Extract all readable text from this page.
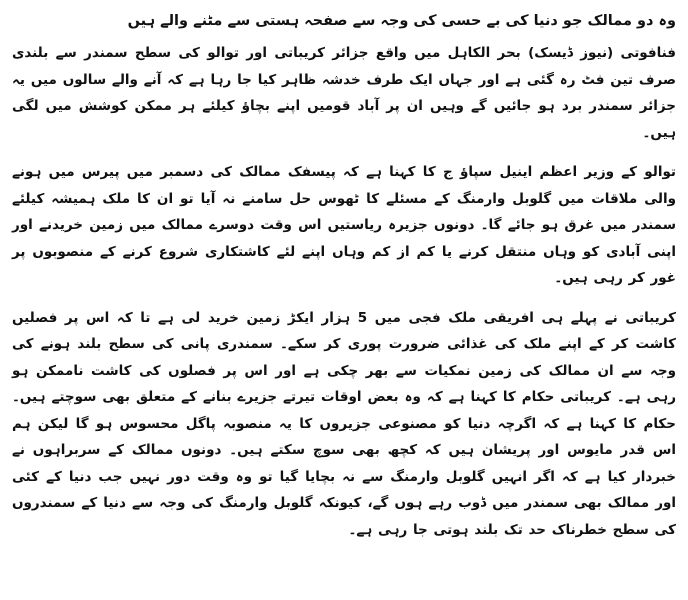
وہ دو ممالک جو دنیا کی بے حسی کی وجہ سے صفحہ ہستی سے مٹنے والے ہیں

فنافوتی (نیوز ڈیسک) بحر الکاہل میں واقع جزائر کریباتی اور توالو کی سطح سمندر سے بلندی صرف تین فٹ رہ گئی ہے اور جہاں ایک طرف خدشہ ظاہر کیا جا رہا ہے کہ آنے والے سالوں میں یہ جزائر سمندر برد ہو جائیں گے وہیں ان پر آباد قومیں اپنے بچاؤ کیلئے ہر ممکن کوشش میں لگی ہیں۔

توالو کے وزیر اعظم اینیل سپاؤ ج کا کہنا ہے کہ پیسفک ممالک کی دسمبر میں پیرس میں ہونے والی ملاقات میں گلوبل وارمنگ کے مسئلے کا ٹھوس حل سامنے نہ آیا تو ان کا ملک ہمیشہ کیلئے سمندر میں غرق ہو جائے گا۔ دونوں جزیرہ ریاستیں اس وقت دوسرے ممالک میں زمین خریدنے اور اپنی آبادی کو وہاں منتقل کرنے یا کم از کم وہاں اپنے لئے کاشتکاری شروع کرنے کے منصوبوں پر غور کر رہی ہیں۔

کریباتی نے پہلے ہی افریقی ملک فجی میں 5 ہزار ایکڑ زمین خرید لی ہے تا کہ اس پر فصلیں کاشت کر کے اپنے ملک کی غذائی ضرورت پوری کر سکے۔ سمندری پانی کی سطح بلند ہونے کی وجہ سے ان ممالک کی زمین نمکیات سے بھر چکی ہے اور اس پر فصلوں کی کاشت ناممکن ہو رہی ہے۔ کریباتی حکام کا کہنا ہے کہ وہ بعض اوقات تیرتے جزیرے بنانے کے متعلق بھی سوچتے ہیں۔ حکام کا کہنا ہے کہ اگرچہ دنیا کو مصنوعی جزیروں کا یہ منصوبہ پاگل محسوس ہو گا لیکن ہم اس قدر مایوس اور پریشان ہیں کہ کچھ بھی سوچ سکتے ہیں۔ دونوں ممالک کے سربراہوں نے خبردار کیا ہے کہ اگر انہیں گلوبل وارمنگ سے نہ بچایا گیا تو وہ وقت دور نہیں جب دنیا کے کئی اور ممالک بھی سمندر میں ڈوب رہے ہوں گے، کیونکہ گلوبل وارمنگ کی وجہ سے دنیا کے سمندروں کی سطح خطرناک حد تک بلند ہوتی جا رہی ہے۔
